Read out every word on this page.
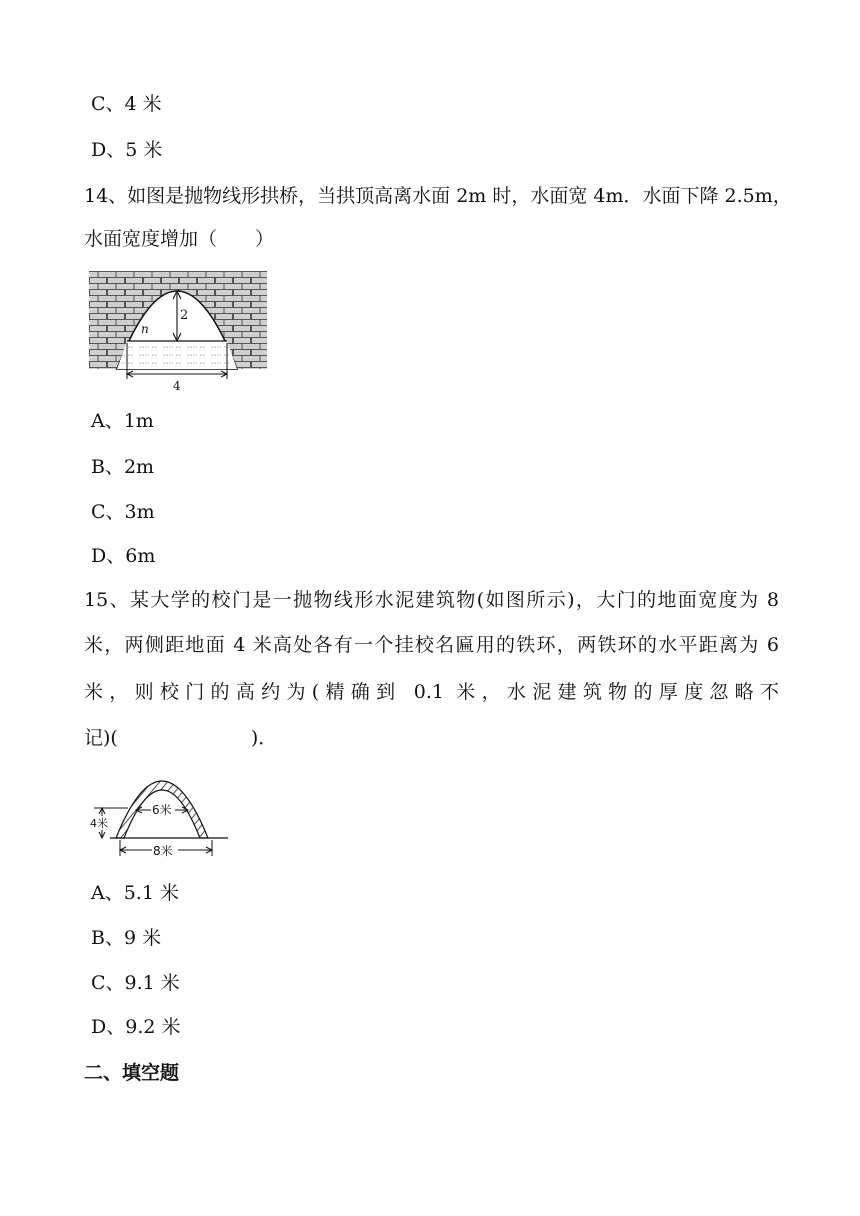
C、4 米
D、5 米
14、如图是抛物线形拱桥，当拱顶高离水面 2m 时，水面宽 4m．水面下降 2.5m，
水面宽度增加（　　）
2
n
4
A、1m
B、2m
C、3m
D、6m
15、某大学的校门是一抛物线形水泥建筑物(如图所示)，大门的地面宽度为 8
米，两侧距地面 4 米高处各有一个挂校名匾用的铁环，两铁环的水平距离为 6
米，则校门的高约为(精确到 0.1 米，水泥建筑物的厚度忽略不
记)(　　　　　　　)．
6米
4米
8米
A、5.1 米
B、9 米
C、9.1 米
D、9.2 米
二、填空题
